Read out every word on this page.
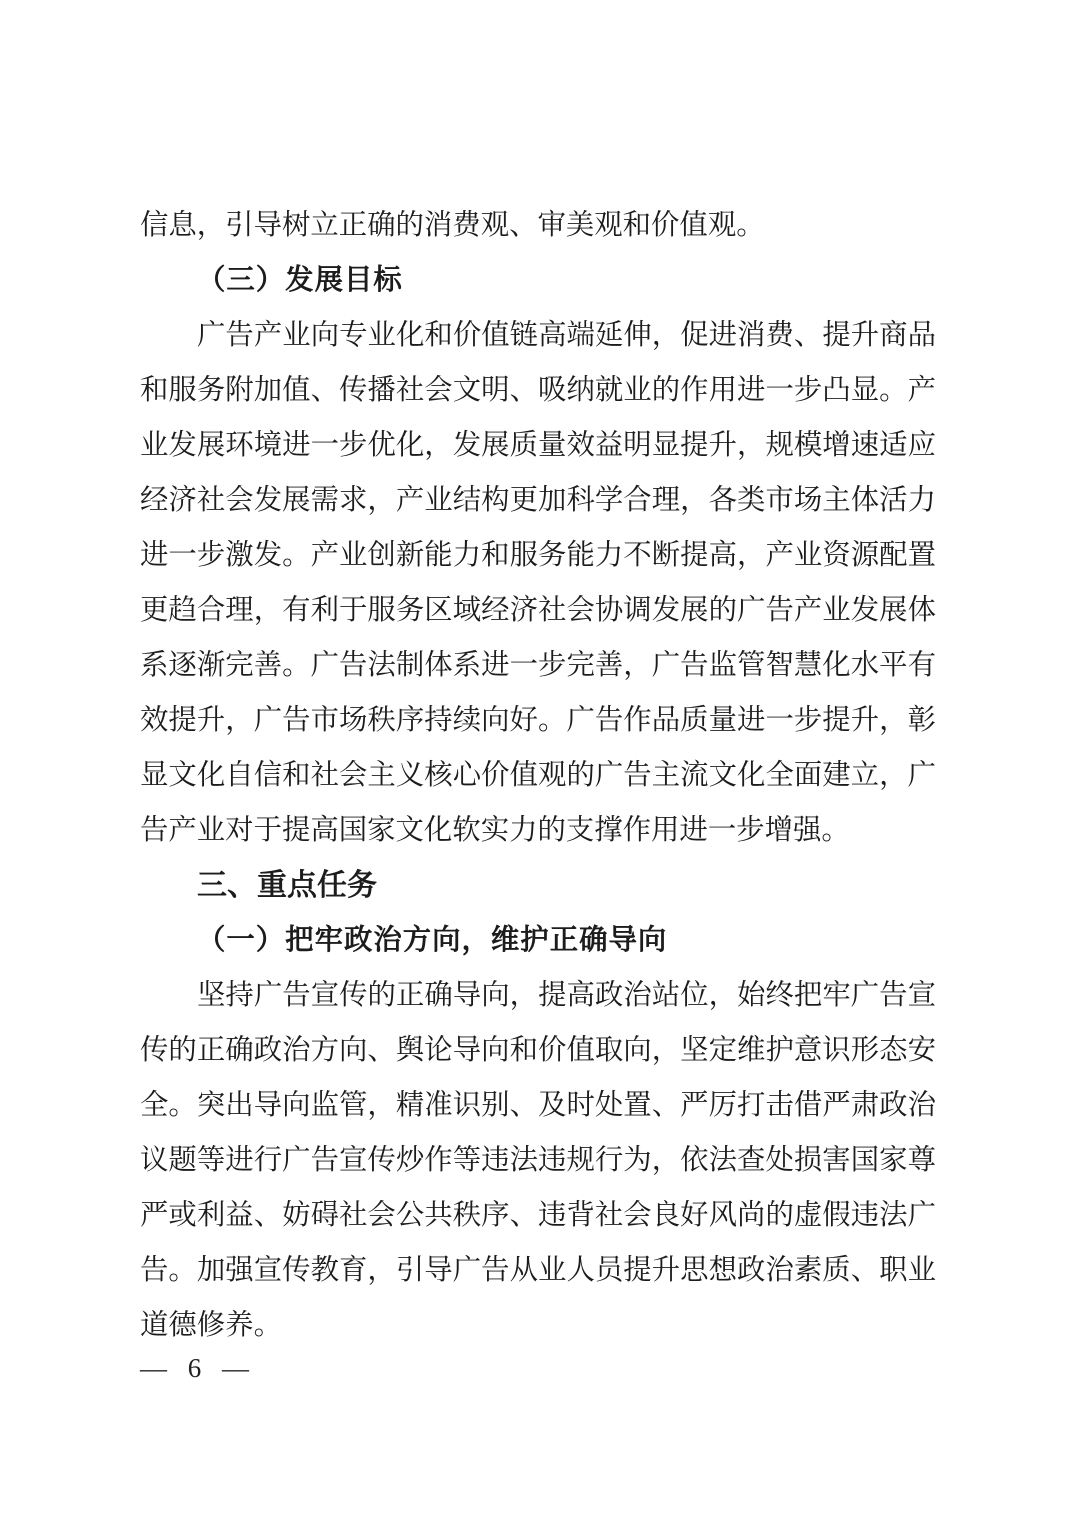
信息，引导树立正确的消费观、审美观和价值观。
（三）发展目标
广告产业向专业化和价值链高端延伸，促进消费、提升商品
和服务附加值、传播社会文明、吸纳就业的作用进一步凸显。产
业发展环境进一步优化，发展质量效益明显提升，规模增速适应
经济社会发展需求，产业结构更加科学合理，各类市场主体活力
进一步激发。产业创新能力和服务能力不断提高，产业资源配置
更趋合理，有利于服务区域经济社会协调发展的广告产业发展体
系逐渐完善。广告法制体系进一步完善，广告监管智慧化水平有
效提升，广告市场秩序持续向好。广告作品质量进一步提升，彰
显文化自信和社会主义核心价值观的广告主流文化全面建立，广
告产业对于提高国家文化软实力的支撑作用进一步增强。
三、重点任务
（一）把牢政治方向，维护正确导向
坚持广告宣传的正确导向，提高政治站位，始终把牢广告宣
传的正确政治方向、舆论导向和价值取向，坚定维护意识形态安
全。突出导向监管，精准识别、及时处置、严厉打击借严肃政治
议题等进行广告宣传炒作等违法违规行为，依法查处损害国家尊
严或利益、妨碍社会公共秩序、违背社会良好风尚的虚假违法广
告。加强宣传教育，引导广告从业人员提升思想政治素质、职业
道德修养。
— 6 —
